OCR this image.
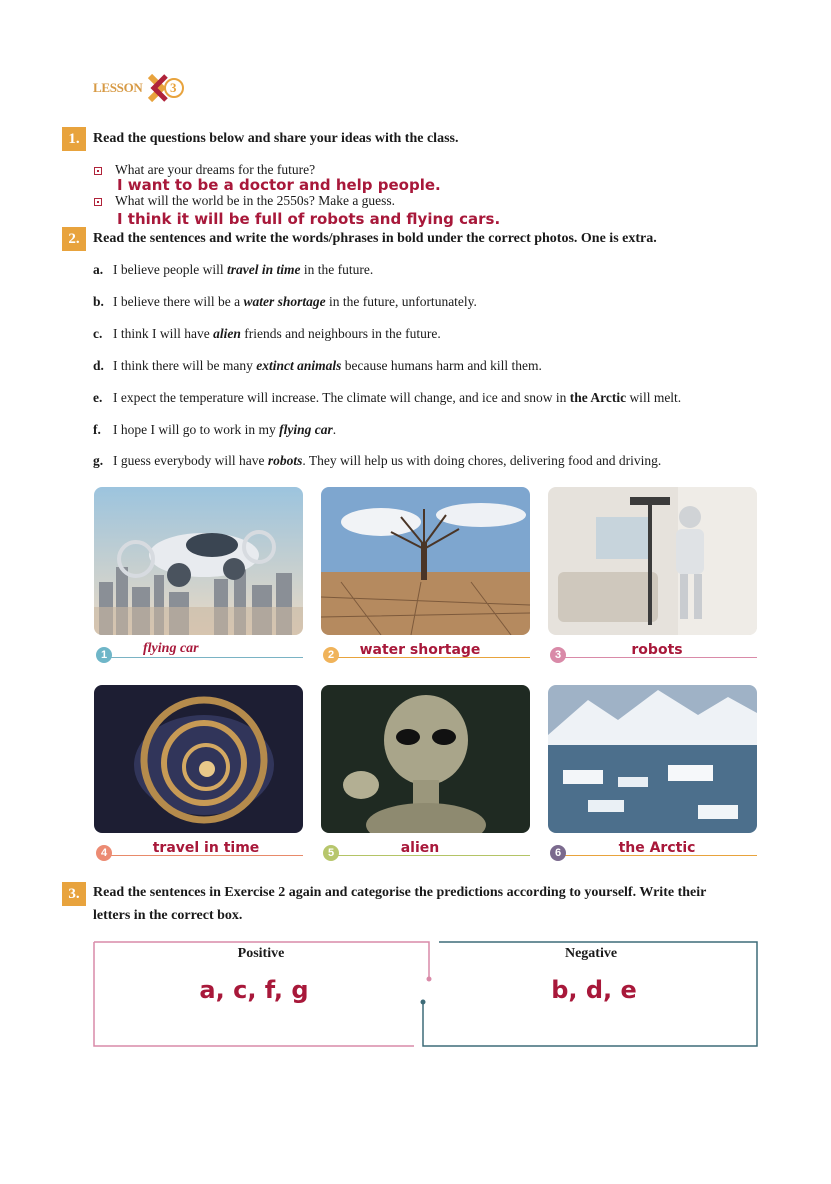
LESSON 3
1. Read the questions below and share your ideas with the class.
What are your dreams for the future?
I want to be a doctor and help people.
What will the world be in the 2550s? Make a guess.
I think it will be full of robots and flying cars.
2. Read the sentences and write the words/phrases in bold under the correct photos. One is extra.
a. I believe people will travel in time in the future.
b. I believe there will be a water shortage in the future, unfortunately.
c. I think I will have alien friends and neighbours in the future.
d. I think there will be many extinct animals because humans harm and kill them.
e. I expect the temperature will increase. The climate will change, and ice and snow in the Arctic will melt.
f. I hope I will go to work in my flying car.
g. I guess everybody will have robots. They will help us with doing chores, delivering food and driving.
1	flying car	2	water shortage	3	robots
4	travel in time	5	alien	6	the Arctic
3. Read the sentences in Exercise 2 again and categorise the predictions according to yourself. Write their
letters in the correct box.
Positive
a, c, f, g
Negative
b, d, e
